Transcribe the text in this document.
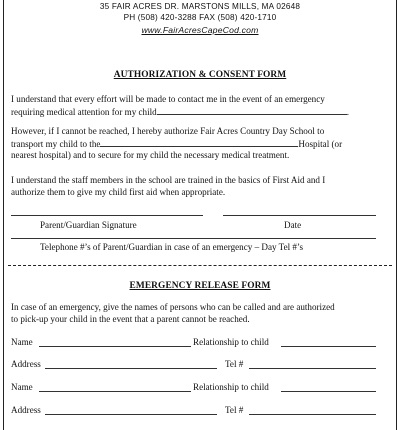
35 FAIR ACRES DR. MARSTONS MILLS, MA 02648
PH (508) 420-3288 FAX (508) 420-1710
www.FairAcresCapeCod.com
AUTHORIZATION & CONSENT FORM
I understand that every effort will be made to contact me in the event of an emergency
requiring medical attention for my child	.
However, if I cannot be reached, I hereby authorize Fair Acres Country Day School to
transport my child to the	Hospital (or
nearest hospital) and to secure for my child the necessary medical treatment.
I understand the staff members in the school are trained in the basics of First Aid and I
authorize them to give my child first aid when appropriate.
Parent/Guardian Signature	Date
Telephone #’s of Parent/Guardian in case of an emergency – Day Tel #’s
EMERGENCY RELEASE FORM
In case of an emergency, give the names of persons who can be called and are authorized
to pick-up your child in the event that a parent cannot be reached.
Name	Relationship to child
Address	Tel #
Name	Relationship to child
Address	Tel #
